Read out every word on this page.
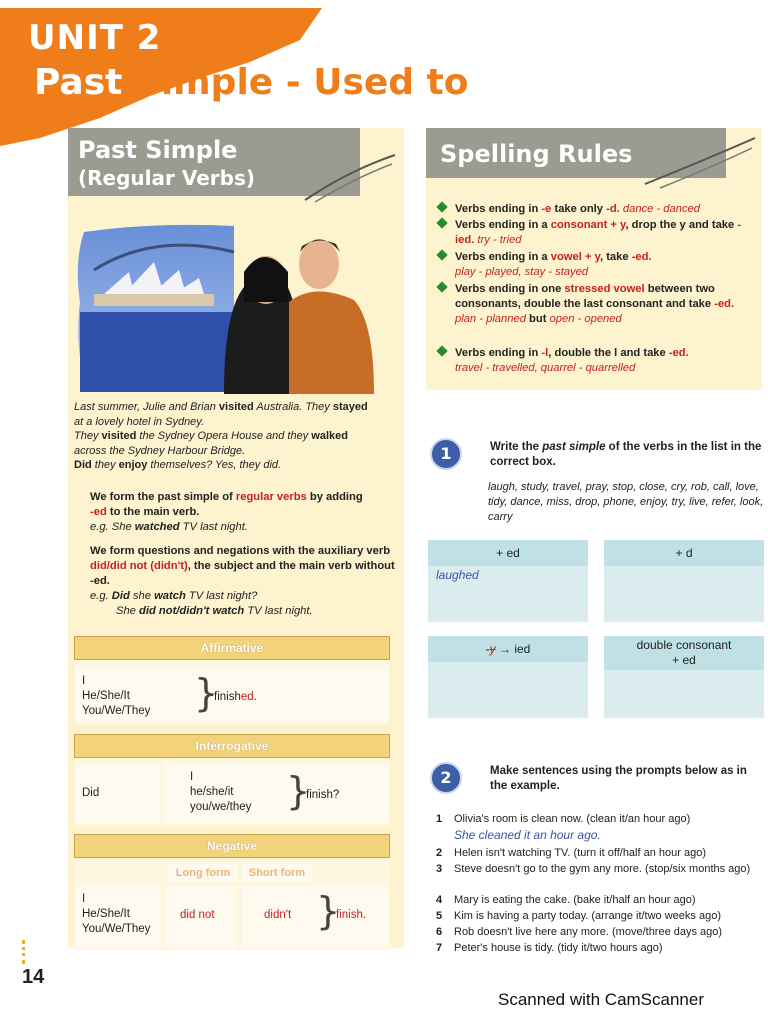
UNIT 2
Past Simple - Used to
Past Simple
(Regular Verbs)
Last summer, Julie and Brian visited Australia. They stayed
at a lovely hotel in Sydney.
They visited the Sydney Opera House and they walked
across the Sydney Harbour Bridge.
Did they enjoy themselves? Yes, they did.
We form the past simple of regular verbs by adding
-ed to the main verb.
e.g. She watched TV last night.
We form questions and negations with the auxiliary verb did/did not (didn't), the subject and the main verb without -ed.
e.g. Did she watch TV last night?
She did not/didn't watch TV last night.
Affirmative
I
He/She/It
You/We/They }
finished.
Interrogative
Did
I
he/she/it
you/we/they }
finish?
Negative
Long form	Short form
I
He/She/It
You/We/They
did not	didn't }
finish.
14
Spelling Rules
Verbs ending in -e take only -d. dance - danced
Verbs ending in a consonant + y, drop the y and take -ied. try - tried
Verbs ending in a vowel + y, take -ed.
play - played, stay - stayed
Verbs ending in one stressed vowel between two consonants, double the last consonant and take -ed.
plan - planned but open - opened
Verbs ending in -l, double the l and take -ed.
travel - travelled, quarrel - quarrelled
1	Write the past simple of the verbs in the list in the correct box.
laugh, study, travel, pray, stop, close, cry, rob, call, love, tidy, dance, miss, drop, phone, enjoy, try, live, refer, look, carry
+ ed
laughed
+ d
-y → ied	double consonant
+ ed
2	Make sentences using the prompts below as in the example.
1 Olivia's room is clean now. (clean it/an hour ago)
She cleaned it an hour ago.
2 Helen isn't watching TV. (turn it off/half an hour ago)
3 Steve doesn't go to the gym any more. (stop/six months ago)
4 Mary is eating the cake. (bake it/half an hour ago)
5 Kim is having a party today. (arrange it/two weeks ago)
6 Rob doesn't live here any more. (move/three days ago)
7 Peter's house is tidy. (tidy it/two hours ago)
Scanned with CamScanner
